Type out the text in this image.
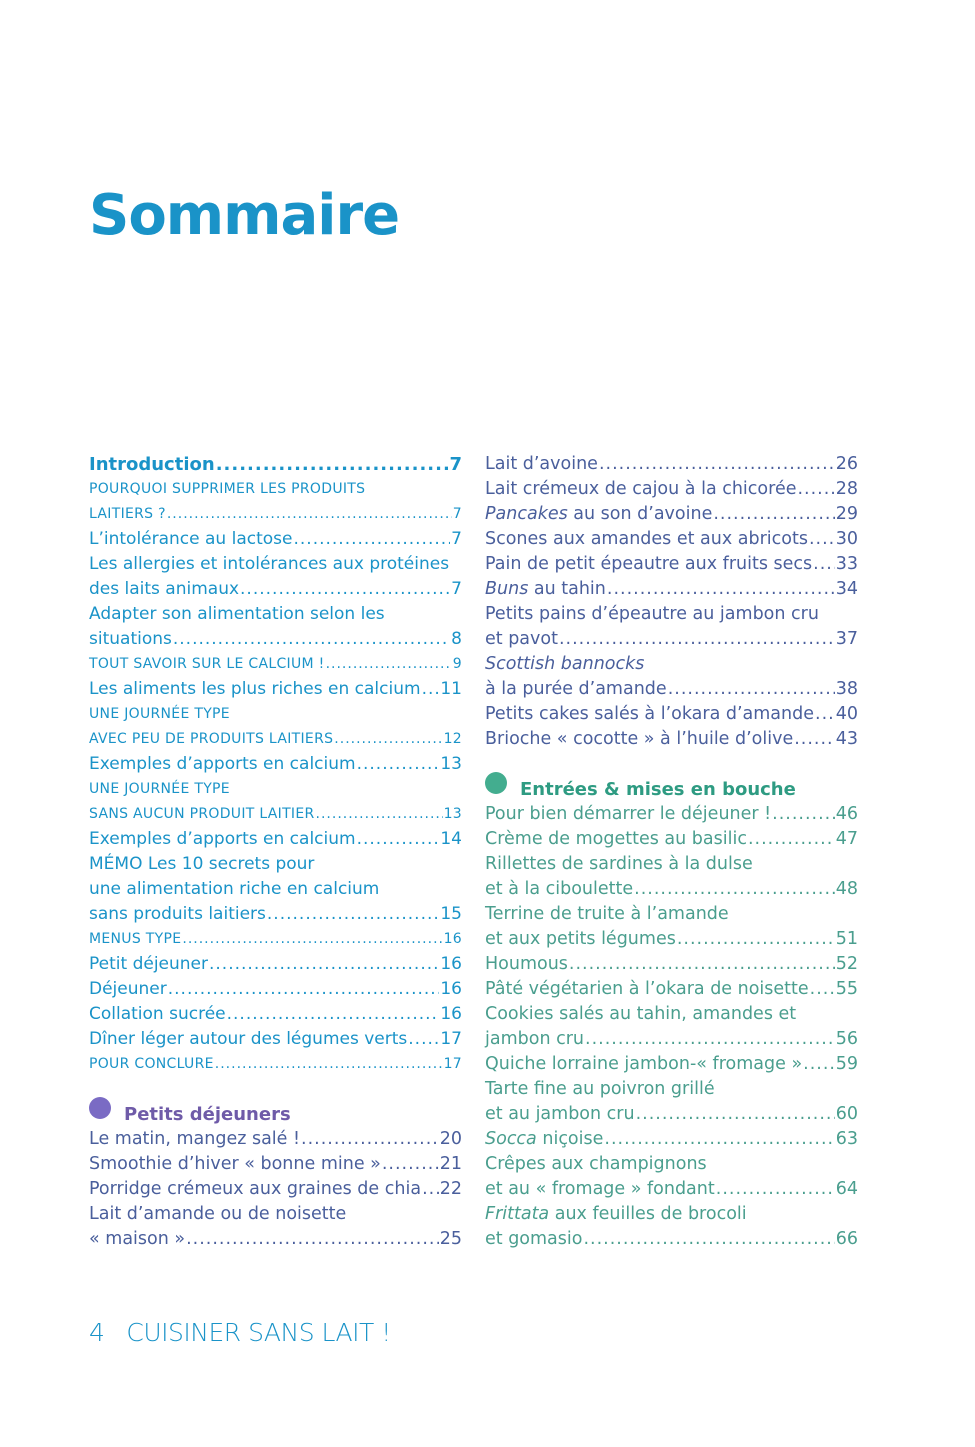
Sommaire
Introduction .....	7
POURQUOI SUPPRIMER LES PRODUITS
LAITIERS ? .....	7
L’intolérance au lactose .....	7
Les allergies et intolérances aux protéines
des laits animaux .....	7
Adapter son alimentation selon les
situations .....	8
TOUT SAVOIR SUR LE CALCIUM ! .....	9
Les aliments les plus riches en calcium ..... 11
UNE JOURNÉE TYPE
AVEC PEU DE PRODUITS LAITIERS .....	12
Exemples d’apports en calcium .....	13
UNE JOURNÉE TYPE
SANS AUCUN PRODUIT LAITIER .....	13
Exemples d’apports en calcium .....	14
MÉMO Les 10 secrets pour
une alimentation riche en calcium
sans produits laitiers .....	15
MENUS TYPE .....	16
Petit déjeuner .....	16
Déjeuner .....	16
Collation sucrée .....	16
Dîner léger autour des légumes verts ..... 17
POUR CONCLURE .....	17
Petits déjeuners
Le matin, mangez salé ! .....	20
Smoothie d’hiver « bonne mine » .....	21
Porridge crémeux aux graines de chia ..... 22
Lait d’amande ou de noisette
« maison » .....	25
Lait d’avoine .....	26
Lait crémeux de cajou à la chicorée ..... 28
Pancakes au son d’avoine .....	29
Scones aux amandes et aux abricots ..... 30
Pain de petit épeautre aux fruits secs ..... 33
Buns au tahin .....	34
Petits pains d’épeautre au jambon cru
et pavot .....	37
Scottish bannocks
à la purée d’amande .....	38
Petits cakes salés à l’okara d’amande ..... 40
Brioche « cocotte » à l’huile d’olive ..... 43
Entrées & mises en bouche
Pour bien démarrer le déjeuner ! .....	46
Crème de mogettes au basilic .....	47
Rillettes de sardines à la dulse
et à la ciboulette .....	48
Terrine de truite à l’amande
et aux petits légumes .....	51
Houmous .....	52
Pâté végétarien à l’okara de noisette ..... 55
Cookies salés au tahin, amandes et
jambon cru .....	56
Quiche lorraine jambon-« fromage » ..... 59
Tarte fine au poivron grillé
et au jambon cru .....	60
Socca niçoise .....	63
Crêpes aux champignons
et au « fromage » fondant .....	64
Frittata aux feuilles de brocoli
et gomasio .....	66
4 CUISINER SANS LAIT !
